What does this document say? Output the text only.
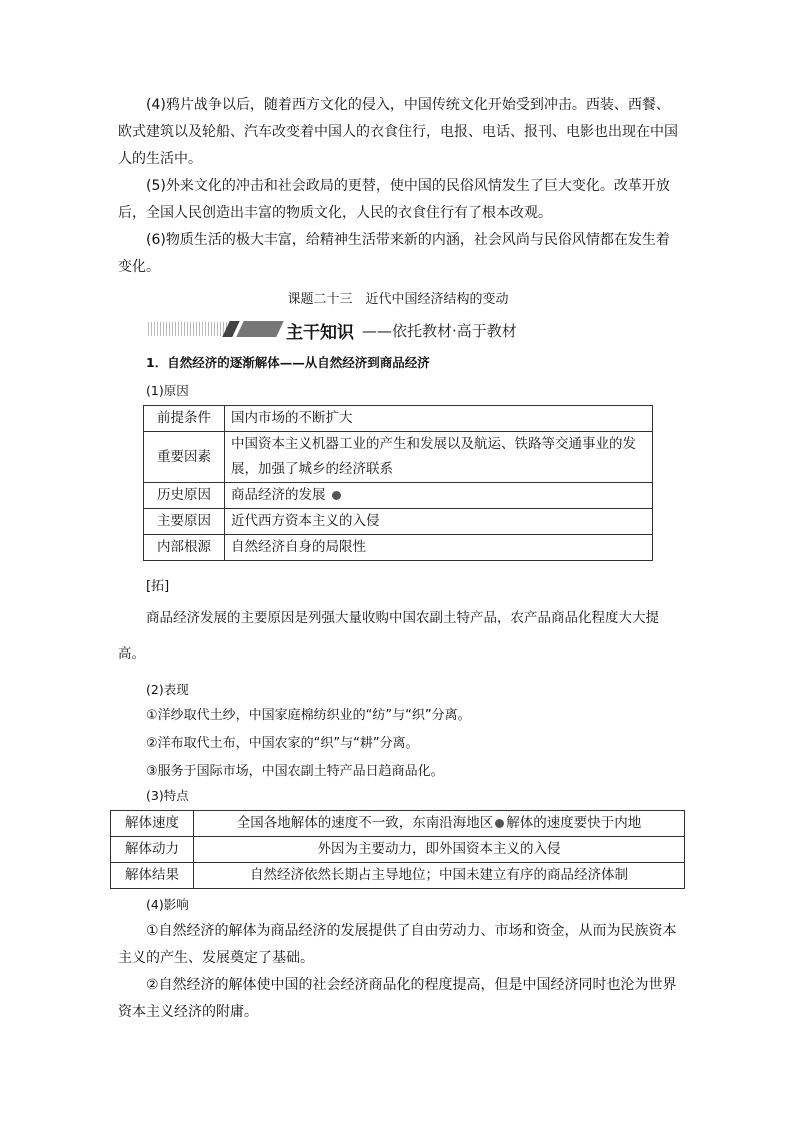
(4)鸦片战争以后，随着西方文化的侵入，中国传统文化开始受到冲击。西装、西餐、欧式建筑以及轮船、汽车改变着中国人的衣食住行，电报、电话、报刊、电影也出现在中国人的生活中。

(5)外来文化的冲击和社会政局的更替，使中国的民俗风情发生了巨大变化。改革开放后，全国人民创造出丰富的物质文化，人民的衣食住行有了根本改观。

(6)物质生活的极大丰富，给精神生活带来新的内涵，社会风尚与民俗风情都在发生着变化。

课题二十三　近代中国经济结构的变动
主干知识 ——依托教材·高于教材
1．自然经济的逐渐解体——从自然经济到商品经济
(1)原因
前提条件	国内市场的不断扩大
重要因素	中国资本主义机器工业的产生和发展以及航运、铁路等交通事业的发展，加强了城乡的经济联系
历史原因	商品经济的发展
主要原因	近代西方资本主义的入侵
内部根源	自然经济自身的局限性
[拓]
商品经济发展的主要原因是列强大量收购中国农副土特产品，农产品商品化程度大大提高。
(2)表现
①洋纱取代土纱，中国家庭棉纺织业的“纺”与“织”分离。
②洋布取代土布，中国农家的“织”与“耕”分离。
③服务于国际市场，中国农副土特产品日趋商品化。
(3)特点
解体速度	全国各地解体的速度不一致，东南沿海地区 解体的速度要快于内地
解体动力	外因为主要动力，即外国资本主义的入侵
解体结果	自然经济依然长期占主导地位；中国未建立有序的商品经济体制
(4)影响

①自然经济的解体为商品经济的发展提供了自由劳动力、市场和资金，从而为民族资本主义的产生、发展奠定了基础。

②自然经济的解体使中国的社会经济商品化的程度提高，但是中国经济同时也沦为世界资本主义经济的附庸。
